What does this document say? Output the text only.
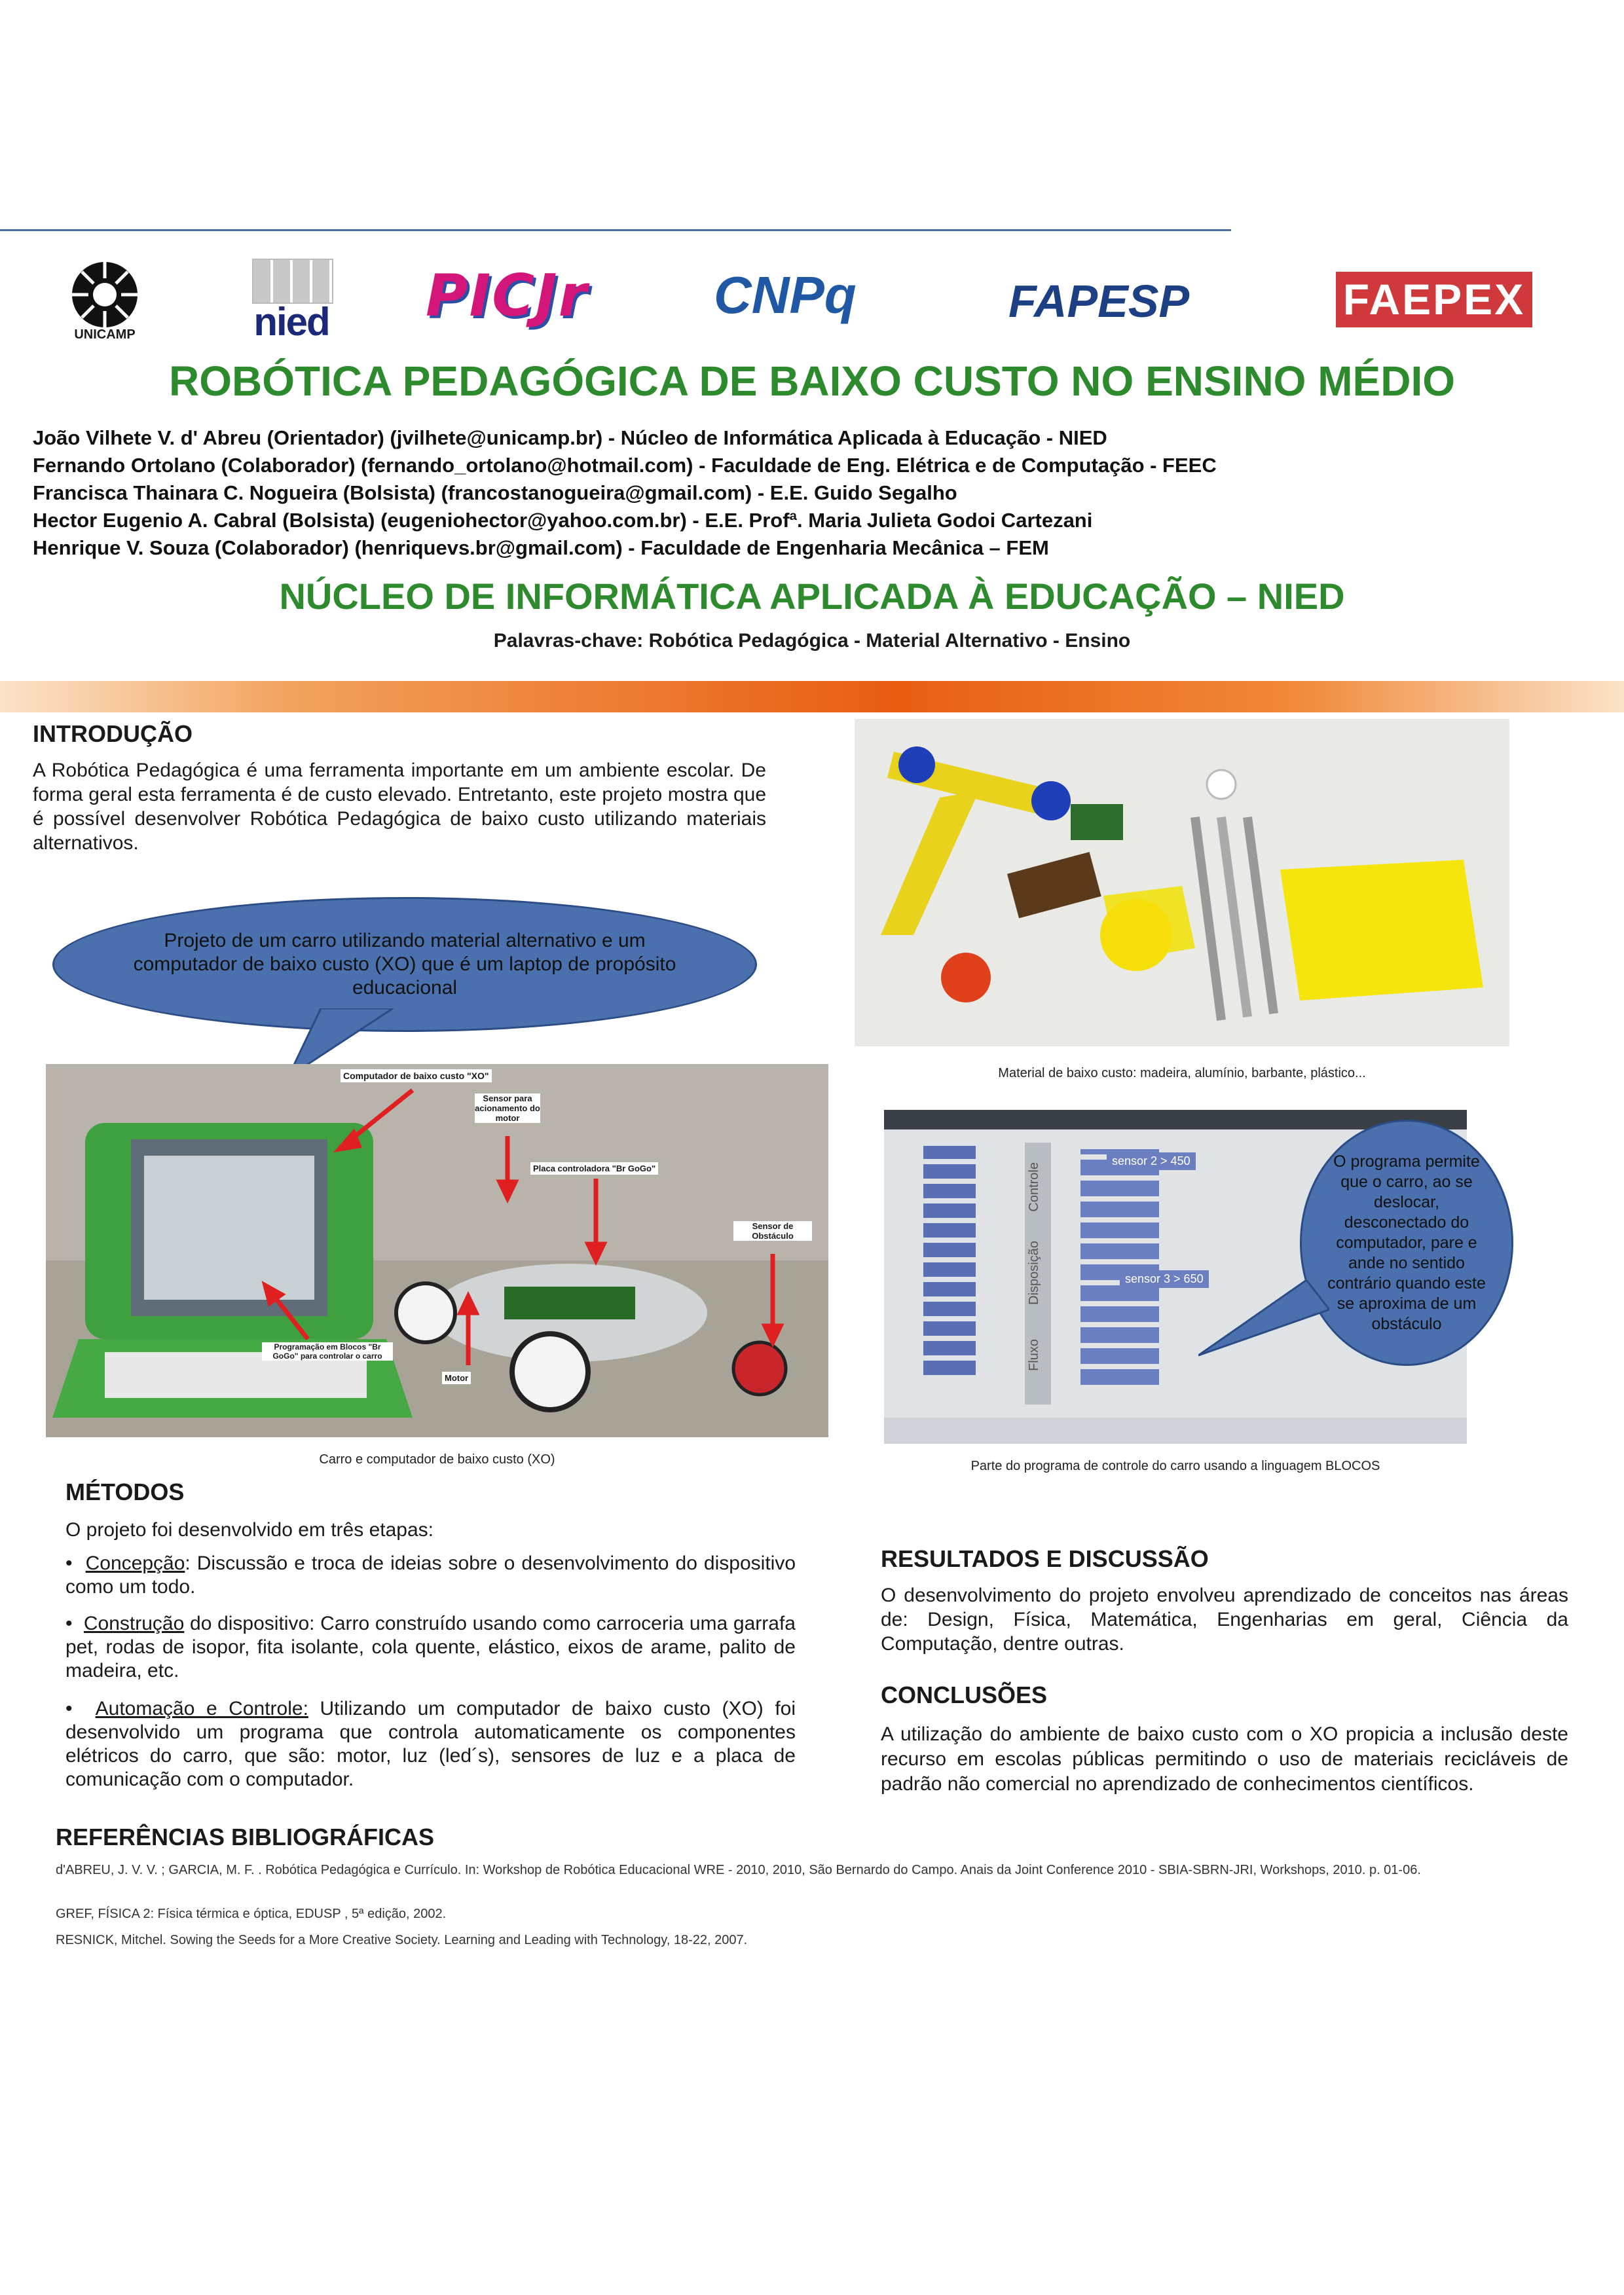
UNICAMP	nied PICJr	CNPq	FAPESP	FAEPEX
ROBÓTICA PEDAGÓGICA DE BAIXO CUSTO NO ENSINO MÉDIO
João Vilhete V. d' Abreu (Orientador) (jvilhete@unicamp.br) - Núcleo de Informática Aplicada à Educação - NIED
Fernando Ortolano (Colaborador) (fernando_ortolano@hotmail.com) - Faculdade de Eng. Elétrica e de Computação - FEEC
Francisca Thainara C. Nogueira (Bolsista) (francostanogueira@gmail.com) - E.E. Guido Segalho
Hector Eugenio A. Cabral (Bolsista) (eugeniohector@yahoo.com.br) - E.E. Profª. Maria Julieta Godoi Cartezani
Henrique V. Souza (Colaborador) (henriquevs.br@gmail.com) - Faculdade de Engenharia Mecânica – FEM
NÚCLEO DE INFORMÁTICA APLICADA À EDUCAÇÃO – NIED
Palavras-chave: Robótica Pedagógica - Material Alternativo - Ensino
INTRODUÇÃO
A Robótica Pedagógica é uma ferramenta importante em um ambiente escolar. De forma geral esta ferramenta é de custo elevado. Entretanto, este projeto mostra que é possível desenvolver Robótica Pedagógica de baixo custo utilizando materiais alternativos.
Projeto de um carro utilizando material alternativo e um computador de baixo custo (XO) que é um laptop de propósito educacional
Material de baixo custo: madeira, alumínio, barbante, plástico...
Computador de baixo custo "XO"
Sensor para acionamento do motor
Placa controladora "Br GoGo"
Sensor de Obstáculo
Programação em Blocos "Br GoGo" para controlar o carro
Motor
Carro e computador de baixo custo (XO)
Controle
Disposição
Fluxo
sensor 2 > 450
sensor 3 > 650
O programa permite que o carro, ao se deslocar, desconectado do computador, pare e ande no sentido contrário quando este se aproxima de um obstáculo
Parte do programa de controle do carro usando a linguagem BLOCOS
MÉTODOS
O projeto foi desenvolvido em três etapas:
•  Concepção: Discussão e troca de ideias sobre o desenvolvimento do dispositivo como um todo.
•  Construção do dispositivo: Carro construído usando como carroceria uma garrafa pet, rodas de isopor, fita isolante, cola quente, elástico, eixos de arame, palito de madeira, etc.
•  Automação e Controle: Utilizando um computador de baixo custo (XO) foi desenvolvido um programa que controla automaticamente os componentes elétricos do carro, que são: motor, luz (led´s), sensores de luz e a placa de comunicação com o computador.
RESULTADOS E DISCUSSÃO
O desenvolvimento do projeto envolveu aprendizado de conceitos nas áreas de: Design, Física, Matemática, Engenharias em geral, Ciência da Computação, dentre outras.
CONCLUSÕES
A utilização do ambiente de baixo custo com o XO propicia a inclusão deste recurso em escolas públicas permitindo o uso de materiais recicláveis de padrão não comercial no aprendizado de conhecimentos científicos.
REFERÊNCIAS BIBLIOGRÁFICAS
d'ABREU, J. V. V. ; GARCIA, M. F. . Robótica Pedagógica e Currículo. In: Workshop de Robótica Educacional WRE - 2010, 2010, São Bernardo do Campo. Anais da Joint Conference 2010 - SBIA-SBRN-JRI, Workshops, 2010. p. 01-06.
GREF, FÍSICA 2: Física térmica e óptica, EDUSP , 5ª edição, 2002.
RESNICK, Mitchel. Sowing the Seeds for a More Creative Society. Learning and Leading with Technology, 18-22, 2007.
